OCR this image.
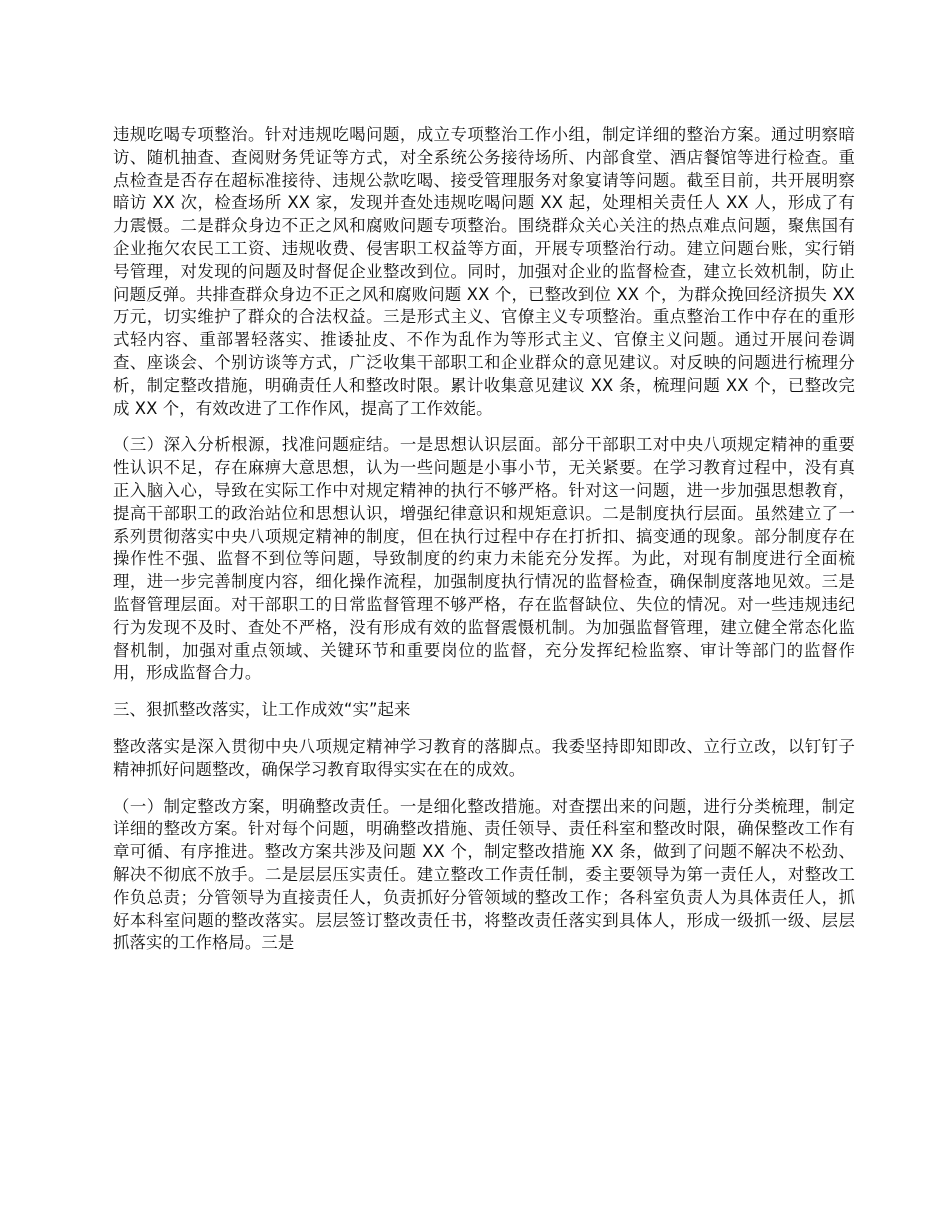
违规吃喝专项整治。针对违规吃喝问题，成立专项整治工作小组，制定详细的整治方案。通过明察暗访、随机抽查、查阅财务凭证等方式，对全系统公务接待场所、内部食堂、酒店餐馆等进行检查。重点检查是否存在超标准接待、违规公款吃喝、接受管理服务对象宴请等问题。截至目前，共开展明察暗访 XX 次，检查场所 XX 家，发现并查处违规吃喝问题 XX 起，处理相关责任人 XX 人，形成了有力震慑。二是群众身边不正之风和腐败问题专项整治。围绕群众关心关注的热点难点问题，聚焦国有企业拖欠农民工工资、违规收费、侵害职工权益等方面，开展专项整治行动。建立问题台账，实行销号管理，对发现的问题及时督促企业整改到位。同时，加强对企业的监督检查，建立长效机制，防止问题反弹。共排查群众身边不正之风和腐败问题 XX 个，已整改到位 XX 个，为群众挽回经济损失 XX 万元，切实维护了群众的合法权益。三是形式主义、官僚主义专项整治。重点整治工作中存在的重形式轻内容、重部署轻落实、推诿扯皮、不作为乱作为等形式主义、官僚主义问题。通过开展问卷调查、座谈会、个别访谈等方式，广泛收集干部职工和企业群众的意见建议。对反映的问题进行梳理分析，制定整改措施，明确责任人和整改时限。累计收集意见建议 XX 条，梳理问题 XX 个，已整改完成 XX 个，有效改进了工作作风，提高了工作效能。

（三）深入分析根源，找准问题症结。一是思想认识层面。部分干部职工对中央八项规定精神的重要性认识不足，存在麻痹大意思想，认为一些问题是小事小节，无关紧要。在学习教育过程中，没有真正入脑入心，导致在实际工作中对规定精神的执行不够严格。针对这一问题，进一步加强思想教育，提高干部职工的政治站位和思想认识，增强纪律意识和规矩意识。二是制度执行层面。虽然建立了一系列贯彻落实中央八项规定精神的制度，但在执行过程中存在打折扣、搞变通的现象。部分制度存在操作性不强、监督不到位等问题，导致制度的约束力未能充分发挥。为此，对现有制度进行全面梳理，进一步完善制度内容，细化操作流程，加强制度执行情况的监督检查，确保制度落地见效。三是监督管理层面。对干部职工的日常监督管理不够严格，存在监督缺位、失位的情况。对一些违规违纪行为发现不及时、查处不严格，没有形成有效的监督震慑机制。为加强监督管理，建立健全常态化监督机制，加强对重点领域、关键环节和重要岗位的监督，充分发挥纪检监察、审计等部门的监督作用，形成监督合力。

三、狠抓整改落实，让工作成效“实”起来

整改落实是深入贯彻中央八项规定精神学习教育的落脚点。我委坚持即知即改、立行立改，以钉钉子精神抓好问题整改，确保学习教育取得实实在在的成效。

（一）制定整改方案，明确整改责任。一是细化整改措施。对查摆出来的问题，进行分类梳理，制定详细的整改方案。针对每个问题，明确整改措施、责任领导、责任科室和整改时限，确保整改工作有章可循、有序推进。整改方案共涉及问题 XX 个，制定整改措施 XX 条，做到了问题不解决不松劲、解决不彻底不放手。二是层层压实责任。建立整改工作责任制，委主要领导为第一责任人，对整改工作负总责；分管领导为直接责任人，负责抓好分管领域的整改工作；各科室负责人为具体责任人，抓好本科室问题的整改落实。层层签订整改责任书，将整改责任落实到具体人，形成一级抓一级、层层抓落实的工作格局。三是
